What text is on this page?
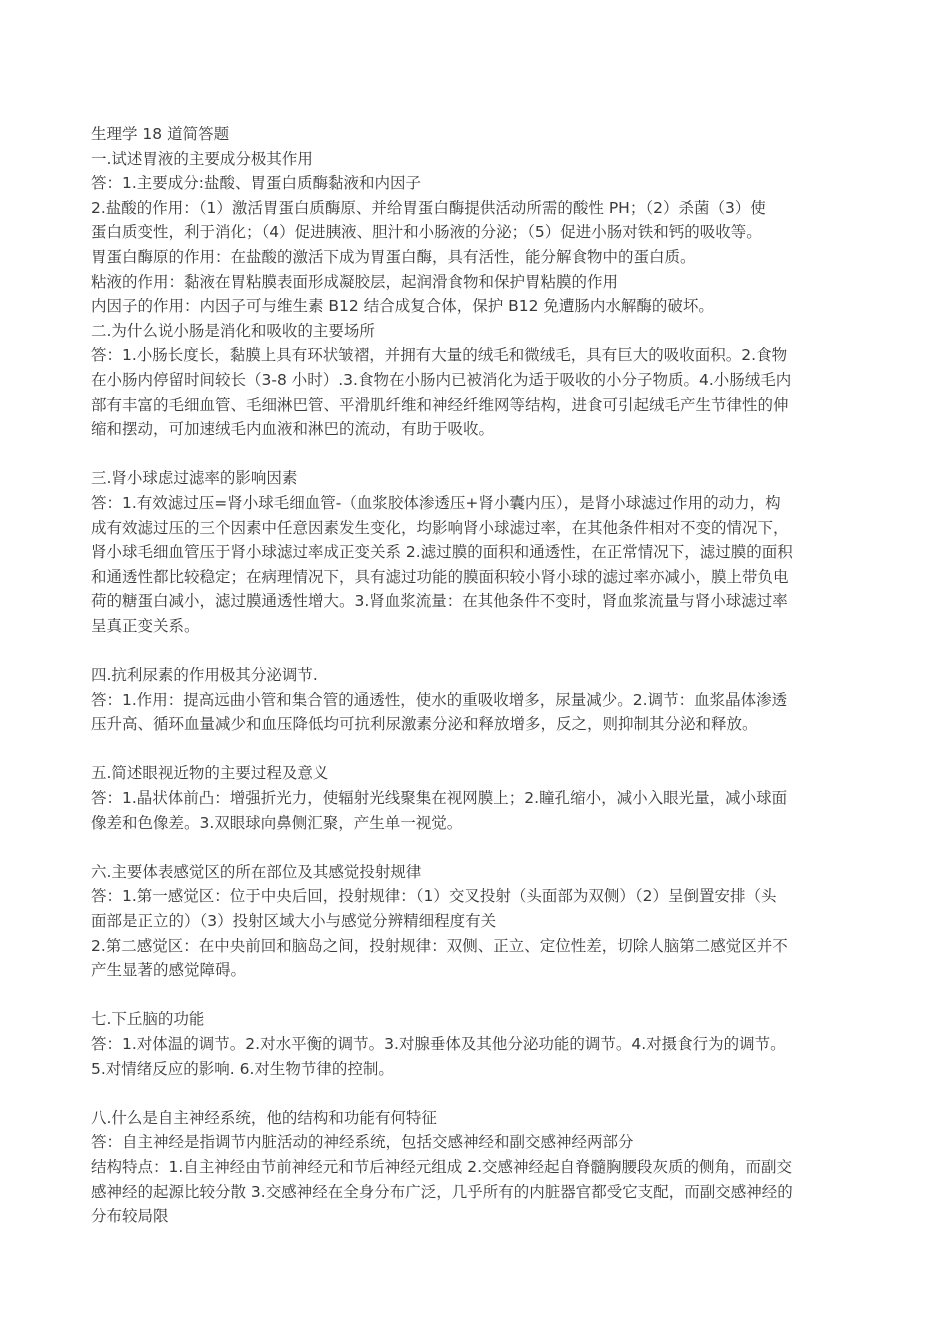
生理学 18 道简答题
一.试述胃液的主要成分极其作用
答：1.主要成分:盐酸、胃蛋白质酶黏液和内因子
2.盐酸的作用：（1）激活胃蛋白质酶原、并给胃蛋白酶提供活动所需的酸性 PH；（2）杀菌（3）使
蛋白质变性，利于消化；（4）促进胰液、胆汁和小肠液的分泌；（5）促进小肠对铁和钙的吸收等。
胃蛋白酶原的作用：在盐酸的激活下成为胃蛋白酶，具有活性，能分解食物中的蛋白质。
粘液的作用：黏液在胃粘膜表面形成凝胶层，起润滑食物和保护胃粘膜的作用
内因子的作用：内因子可与维生素 B12 结合成复合体，保护 B12 免遭肠内水解酶的破坏。
二.为什么说小肠是消化和吸收的主要场所
答：1.小肠长度长，黏膜上具有环状皱褶，并拥有大量的绒毛和微绒毛，具有巨大的吸收面积。2.食物
在小肠内停留时间较长（3-8 小时）.3.食物在小肠内已被消化为适于吸收的小分子物质。4.小肠绒毛内
部有丰富的毛细血管、毛细淋巴管、平滑肌纤维和神经纤维网等结构，进食可引起绒毛产生节律性的伸
缩和摆动，可加速绒毛内血液和淋巴的流动，有助于吸收。
三.肾小球虑过滤率的影响因素
答：1.有效滤过压=肾小球毛细血管-（血浆胶体渗透压+肾小囊内压），是肾小球滤过作用的动力，构
成有效滤过压的三个因素中任意因素发生变化，均影响肾小球滤过率，在其他条件相对不变的情况下，
肾小球毛细血管压于肾小球滤过率成正变关系 2.滤过膜的面积和通透性，在正常情况下，滤过膜的面积
和通透性都比较稳定；在病理情况下，具有滤过功能的膜面积较小肾小球的滤过率亦减小，膜上带负电
荷的糖蛋白减小，滤过膜通透性增大。3.肾血浆流量：在其他条件不变时，肾血浆流量与肾小球滤过率
呈真正变关系。
四.抗利尿素的作用极其分泌调节.
答：1.作用：提高远曲小管和集合管的通透性，使水的重吸收增多，尿量减少。2.调节：血浆晶体渗透
压升高、循环血量减少和血压降低均可抗利尿激素分泌和释放增多，反之，则抑制其分泌和释放。
五.简述眼视近物的主要过程及意义
答：1.晶状体前凸：增强折光力，使辐射光线聚集在视网膜上；2.瞳孔缩小，减小入眼光量，减小球面
像差和色像差。3.双眼球向鼻侧汇聚，产生单一视觉。
六.主要体表感觉区的所在部位及其感觉投射规律
答：1.第一感觉区：位于中央后回，投射规律：（1）交叉投射（头面部为双侧）（2）呈倒置安排（头
面部是正立的）（3）投射区域大小与感觉分辨精细程度有关
2.第二感觉区：在中央前回和脑岛之间，投射规律：双侧、正立、定位性差，切除人脑第二感觉区并不
产生显著的感觉障碍。
七.下丘脑的功能
答：1.对体温的调节。2.对水平衡的调节。3.对腺垂体及其他分泌功能的调节。4.对摄食行为的调节。
5.对情绪反应的影响. 6.对生物节律的控制。
八.什么是自主神经系统，他的结构和功能有何特征
答：自主神经是指调节内脏活动的神经系统，包括交感神经和副交感神经两部分
结构特点：1.自主神经由节前神经元和节后神经元组成 2.交感神经起自脊髓胸腰段灰质的侧角，而副交
感神经的起源比较分散 3.交感神经在全身分布广泛，几乎所有的内脏器官都受它支配，而副交感神经的
分布较局限
